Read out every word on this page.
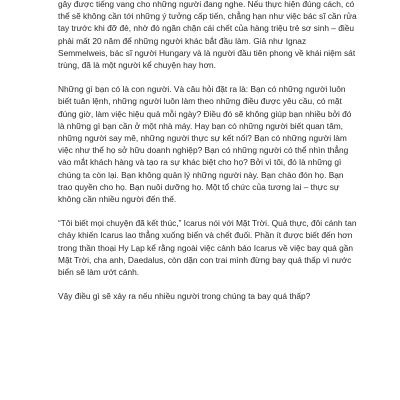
gây được tiếng vang cho những người đang nghe. Nếu thực hiện đúng cách, có thể sẽ không cần tới những ý tưởng cấp tiến, chẳng hạn như việc bác sĩ cần rửa tay trước khi đỡ đẻ, nhờ đó ngăn chặn cái chết của hàng triệu trẻ sơ sinh – điều phải mất 20 năm để những người khác bắt đầu làm. Giả như Ignaz Semmelweis, bác sĩ người Hungary và là người đầu tiên phong về khái niệm sát trùng, đã là một người kể chuyện hay hơn.

Những gì bạn có là con người. Và câu hỏi đặt ra là: Bạn có những người luôn biết tuân lệnh, những người luôn làm theo những điều được yêu cầu, có mặt đúng giờ, làm việc hiệu quả mỗi ngày? Điều đó sẽ không giúp bạn nhiều bởi đó là những gì bạn cần ở một nhà máy. Hay bạn có những người biết quan tâm, những người say mê, những người thực sự kết nối? Bạn có những người làm việc như thể họ sở hữu doanh nghiệp? Bạn có những người có thể nhìn thẳng vào mắt khách hàng và tạo ra sự khác biệt cho họ? Bởi vì tôi, đó là những gì chúng ta còn lại. Bạn không quản lý những người này. Bạn chào đón họ. Bạn trao quyền cho họ. Bạn nuôi dưỡng họ. Một tổ chức của tương lai – thực sự không cần nhiều người đến thế.

“Tôi biết mọi chuyện đã kết thúc,” Icarus nói với Mặt Trời. Quả thực, đôi cánh tan chảy khiến Icarus lao thẳng xuống biển và chết đuối. Phần ít được biết đến hơn trong thần thoại Hy Lạp kể rằng ngoài việc cảnh báo Icarus về việc bay quá gần Mặt Trời, cha anh, Daedalus, còn dặn con trai mình đừng bay quá thấp vì nước biển sẽ làm ướt cánh.

Vậy điều gì sẽ xảy ra nếu nhiều người trong chúng ta bay quá thấp?
